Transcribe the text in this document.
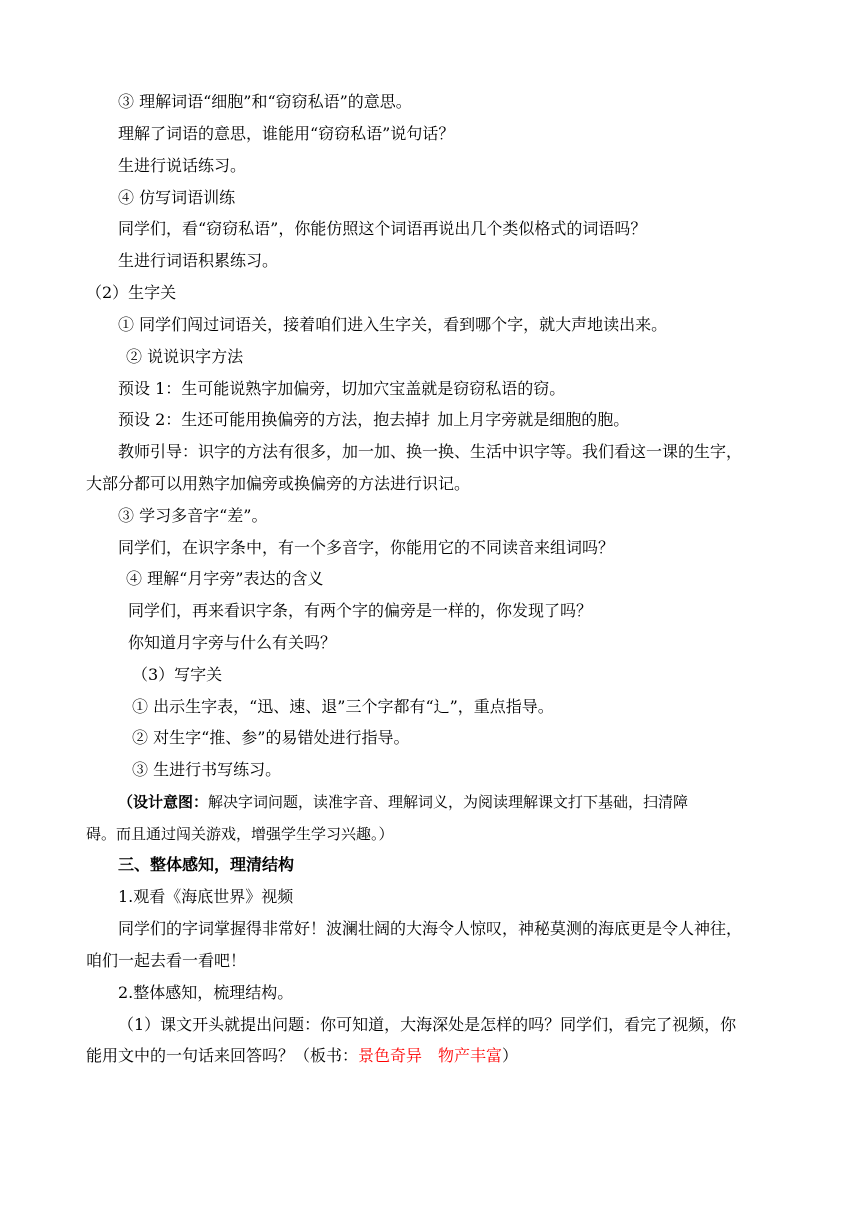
③ 理解词语“细胞”和“窃窃私语”的意思。
理解了词语的意思，谁能用“窃窃私语”说句话？
生进行说话练习。
④ 仿写词语训练
同学们，看“窃窃私语”，你能仿照这个词语再说出几个类似格式的词语吗？
生进行词语积累练习。
（2）生字关
① 同学们闯过词语关，接着咱们进入生字关，看到哪个字，就大声地读出来。
② 说说识字方法
预设 1：生可能说熟字加偏旁，切加穴宝盖就是窃窃私语的窃。
预设 2：生还可能用换偏旁的方法，抱去掉扌加上月字旁就是细胞的胞。
教师引导：识字的方法有很多，加一加、换一换、生活中识字等。我们看这一课的生字，
大部分都可以用熟字加偏旁或换偏旁的方法进行识记。
③ 学习多音字“差”。
同学们，在识字条中，有一个多音字，你能用它的不同读音来组词吗？
④ 理解“月字旁”表达的含义
同学们，再来看识字条，有两个字的偏旁是一样的，你发现了吗？
你知道月字旁与什么有关吗？
（3）写字关
① 出示生字表，“迅、速、退”三个字都有“辶”，重点指导。
② 对生字“推、参”的易错处进行指导。
③ 生进行书写练习。
（设计意图：解决字词问题，读准字音、理解词义，为阅读理解课文打下基础，扫清障
碍。而且通过闯关游戏，增强学生学习兴趣。）
三、整体感知，理清结构
1.观看《海底世界》视频
同学们的字词掌握得非常好！波澜壮阔的大海令人惊叹，神秘莫测的海底更是令人神往，
咱们一起去看一看吧！
2.整体感知，梳理结构。
（1）课文开头就提出问题：你可知道，大海深处是怎样的吗？同学们，看完了视频，你
能用文中的一句话来回答吗？（板书：景色奇异　物产丰富）
